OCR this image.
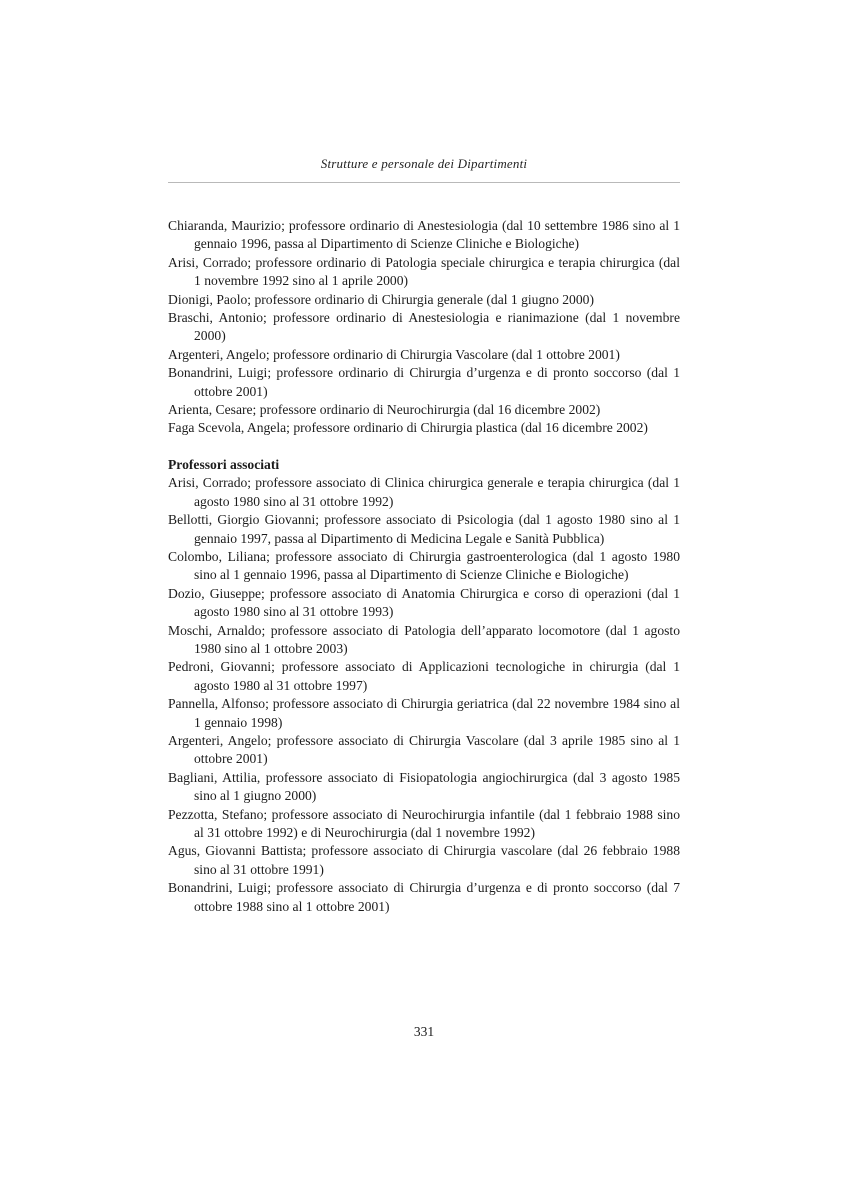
Strutture e personale dei Dipartimenti

Chiaranda, Maurizio; professore ordinario di Anestesiologia (dal 10 settembre 1986 sino al 1 gennaio 1996, passa al Dipartimento di Scienze Cliniche e Biologiche)

Arisi, Corrado; professore ordinario di Patologia speciale chirurgica e terapia chirurgica (dal 1 novembre 1992 sino al 1 aprile 2000)

Dionigi, Paolo; professore ordinario di Chirurgia generale (dal 1 giugno 2000)

Braschi, Antonio; professore ordinario di Anestesiologia e rianimazione (dal 1 novembre 2000)

Argenteri, Angelo; professore ordinario di Chirurgia Vascolare (dal 1 ottobre 2001)

Bonandrini, Luigi; professore ordinario di Chirurgia d’urgenza e di pronto soccorso (dal 1 ottobre 2001)

Arienta, Cesare; professore ordinario di Neurochirurgia (dal 16 dicembre 2002)

Faga Scevola, Angela; professore ordinario di Chirurgia plastica (dal 16 dicembre 2002)

Professori associati

Arisi, Corrado; professore associato di Clinica chirurgica generale e terapia chirurgica (dal 1 agosto 1980 sino al 31 ottobre 1992)

Bellotti, Giorgio Giovanni; professore associato di Psicologia (dal 1 agosto 1980 sino al 1 gennaio 1997, passa al Dipartimento di Medicina Legale e Sanità Pubblica)

Colombo, Liliana; professore associato di Chirurgia gastroenterologica (dal 1 agosto 1980 sino al 1 gennaio 1996, passa al Dipartimento di Scienze Cliniche e Biologiche)

Dozio, Giuseppe; professore associato di Anatomia Chirurgica e corso di operazioni (dal 1 agosto 1980 sino al 31 ottobre 1993)

Moschi, Arnaldo; professore associato di Patologia dell’apparato locomotore (dal 1 agosto 1980 sino al 1 ottobre 2003)

Pedroni, Giovanni; professore associato di Applicazioni tecnologiche in chirurgia (dal 1 agosto 1980 al 31 ottobre 1997)

Pannella, Alfonso; professore associato di Chirurgia geriatrica (dal 22 novembre 1984 sino al 1 gennaio 1998)

Argenteri, Angelo; professore associato di Chirurgia Vascolare (dal 3 aprile 1985 sino al 1 ottobre 2001)

Bagliani, Attilia, professore associato di Fisiopatologia angiochirurgica (dal 3 agosto 1985 sino al 1 giugno 2000)

Pezzotta, Stefano; professore associato di Neurochirurgia infantile (dal 1 febbraio 1988 sino al 31 ottobre 1992) e di Neurochirurgia (dal 1 novembre 1992)

Agus, Giovanni Battista; professore associato di Chirurgia vascolare (dal 26 febbraio 1988 sino al 31 ottobre 1991)

Bonandrini, Luigi; professore associato di Chirurgia d’urgenza e di pronto soccorso (dal 7 ottobre 1988 sino al 1 ottobre 2001)

331
